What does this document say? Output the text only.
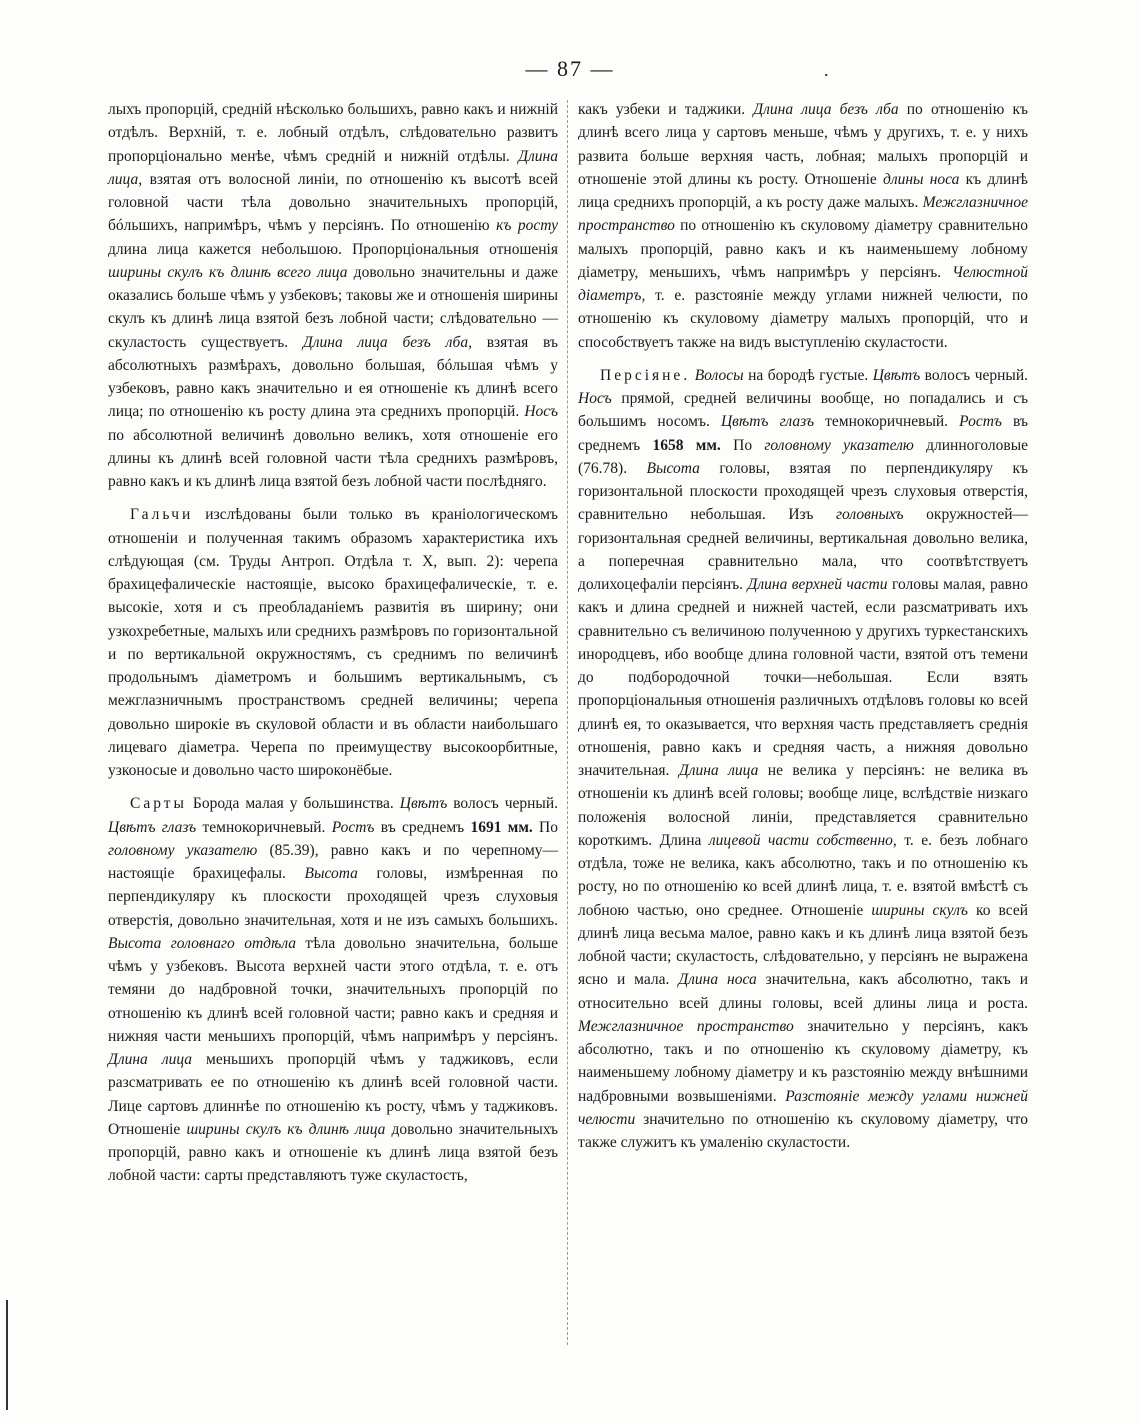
— 87 —	.

лыхъ пропорцій, средній нѣсколько большихъ, равно какъ и нижній отдѣлъ. Верхній, т. е. лобный отдѣлъ, слѣдовательно развитъ пропорціонально менѣе, чѣмъ средній и нижній отдѣлы. Длина лица, взятая отъ волосной линіи, по отношенію къ высотѣ всей головной части тѣла довольно значительныхъ пропорцій, бóльшихъ, напримѣръ, чѣмъ у персіянъ. По отношенію къ росту длина лица кажется небольшою. Пропорціональныя отношенія ширины скулъ къ длинѣ всего лица довольно значительны и даже оказались больше чѣмъ у узбековъ; таковы же и отношенія ширины скулъ къ длинѣ лица взятой безъ лобной части; слѣдовательно — скуластость существуетъ. Длина лица безъ лба, взятая въ абсолютныхъ размѣрахъ, довольно большая, бóльшая чѣмъ у узбековъ, равно какъ значительно и ея отношеніе къ длинѣ всего лица; по отношенію къ росту длина эта среднихъ пропорцій. Носъ по абсолютной величинѣ довольно великъ, хотя отношеніе его длины къ длинѣ всей головной части тѣла среднихъ размѣровъ, равно какъ и къ длинѣ лица взятой безъ лобной части послѣдняго.

Гальчи изслѣдованы были только въ краніологическомъ отношеніи и полученная такимъ образомъ характеристика ихъ слѣдующая (см. Труды Антроп. Отдѣла т. X, вып. 2): черепа брахицефалическіе настоящіе, высоко брахицефалическіе, т. е. высокіе, хотя и съ преобладаніемъ развитія въ ширину; они узкохребетные, малыхъ или среднихъ размѣровъ по горизонтальной и по вертикальной окружностямъ, съ среднимъ по величинѣ продольнымъ діаметромъ и большимъ вертикальнымъ, съ межглазничнымъ пространствомъ средней величины; черепа довольно широкіе въ скуловой области и въ области наибольшаго лицеваго діаметра. Черепа по преимуществу высокоорбитные, узконосые и довольно часто широконёбые.

Сарты Борода малая у большинства. Цвѣтъ волосъ черный. Цвѣтъ глазъ темнокоричневый. Ростъ въ среднемъ 1691 мм. По головному указателю (85.39), равно какъ и по черепному—настоящіе брахицефалы. Высота головы, измѣренная по перпендикуляру къ плоскости проходящей чрезъ слуховыя отверстія, довольно значительная, хотя и не изъ самыхъ большихъ. Высота головнаго отдѣла тѣла довольно значительна, больше чѣмъ у узбековъ. Высота верхней части этого отдѣла, т. е. отъ темяни до надбровной точки, значительныхъ пропорцій по отношенію къ длинѣ всей головной части; равно какъ и средняя и нижняя части меньшихъ пропорцій, чѣмъ напримѣръ у персіянъ. Длина лица меньшихъ пропорцій чѣмъ у таджиковъ, если разсматривать ее по отношенію къ длинѣ всей головной части. Лице сартовъ длиннѣе по отношенію къ росту, чѣмъ у таджиковъ. Отношеніе ширины скулъ къ длинѣ лица довольно значительныхъ пропорцій, равно какъ и отношеніе къ длинѣ лица взятой безъ лобной части: сарты представляютъ туже скуластость,

какъ узбеки и таджики. Длина лица безъ лба по отношенію къ длинѣ всего лица у сартовъ меньше, чѣмъ у другихъ, т. е. у нихъ развита больше верхняя часть, лобная; малыхъ пропорцій и отношеніе этой длины къ росту. Отношеніе длины носа къ длинѣ лица среднихъ пропорцій, а къ росту даже малыхъ. Межглазничное пространство по отношенію къ скуловому діаметру сравнительно малыхъ пропорцій, равно какъ и къ наименьшему лобному діаметру, меньшихъ, чѣмъ напримѣръ у персіянъ. Челюстной діаметръ, т. е. разстояніе между углами нижней челюсти, по отношенію къ скуловому діаметру малыхъ пропорцій, что и способствуетъ также на видъ выступленію скуластости.

Персіяне. Волосы на бородѣ густые. Цвѣтъ волосъ черный. Носъ прямой, средней величины вообще, но попадались и съ большимъ носомъ. Цвѣтъ глазъ темнокоричневый. Ростъ въ среднемъ 1658 мм. По головному указателю длинноголовые (76.78). Высота головы, взятая по перпендикуляру къ горизонтальной плоскости проходящей чрезъ слуховыя отверстія, сравнительно небольшая. Изъ головныхъ окружностей—горизонтальная средней величины, вертикальная довольно велика, а поперечная сравнительно мала, что соотвѣтствуетъ долихоцефаліи персіянъ. Длина верхней части головы малая, равно какъ и длина средней и нижней частей, если разсматривать ихъ сравнительно съ величиною полученною у другихъ туркестанскихъ инородцевъ, ибо вообще длина головной части, взятой отъ темени до подбородочной точки—небольшая. Если взять пропорціональныя отношенія различныхъ отдѣловъ головы ко всей длинѣ ея, то оказывается, что верхняя часть представляетъ среднія отношенія, равно какъ и средняя часть, а нижняя довольно значительная. Длина лица не велика у персіянъ: не велика въ отношеніи къ длинѣ всей головы; вообще лице, вслѣдствіе низкаго положенія волосной линіи, представляется сравнительно короткимъ. Длина лицевой части собственно, т. е. безъ лобнаго отдѣла, тоже не велика, какъ абсолютно, такъ и по отношенію къ росту, но по отношенію ко всей длинѣ лица, т. е. взятой вмѣстѣ съ лобною частью, оно среднее. Отношеніе ширины скулъ ко всей длинѣ лица весьма малое, равно какъ и къ длинѣ лица взятой безъ лобной части; скуластость, слѣдовательно, у персіянъ не выражена ясно и мала. Длина носа значительна, какъ абсолютно, такъ и относительно всей длины головы, всей длины лица и роста. Межглазничное пространство значительно у персіянъ, какъ абсолютно, такъ и по отношенію къ скуловому діаметру, къ наименьшему лобному діаметру и къ разстоянію между внѣшними надбровными возвышеніями. Разстояніе между углами нижней челюсти значительно по отношенію къ скуловому діаметру, что также служитъ къ умаленію скуластости.
